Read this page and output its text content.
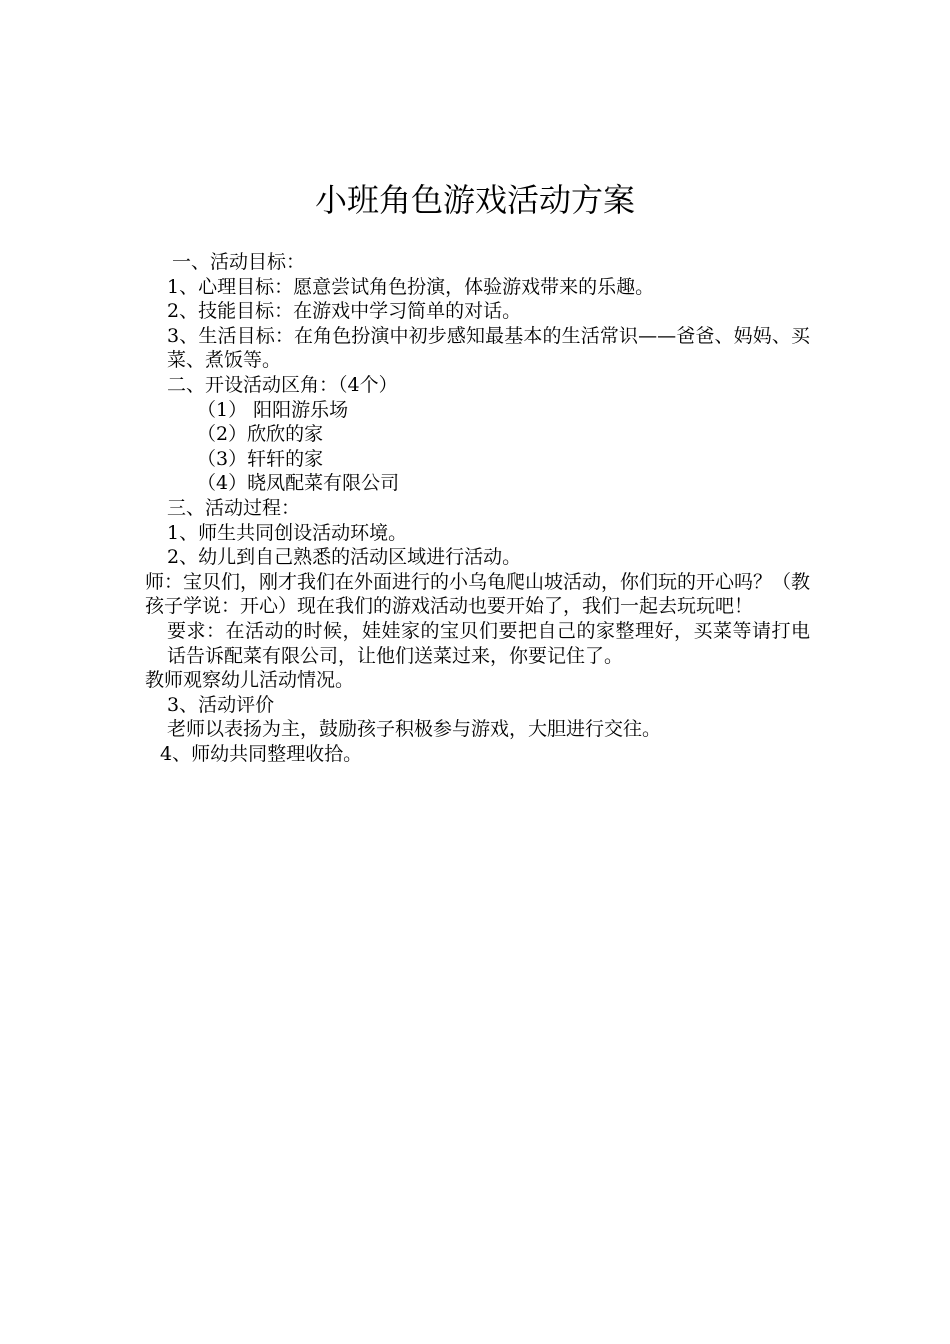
小班角色游戏活动方案

一、活动目标：

1、心理目标：愿意尝试角色扮演，体验游戏带来的乐趣。

2、技能目标：在游戏中学习简单的对话。

3、生活目标：在角色扮演中初步感知最基本的生活常识——爸爸、妈妈、买菜、煮饭等。

二、开设活动区角：（4个）

（1） 阳阳游乐场

（2）欣欣的家

（3）轩轩的家

（4）晓凤配菜有限公司

三、活动过程：

1、师生共同创设活动环境。

2、幼儿到自己熟悉的活动区域进行活动。

师：宝贝们，刚才我们在外面进行的小乌龟爬山坡活动，你们玩的开心吗？（教孩子学说：开心）现在我们的游戏活动也要开始了，我们一起去玩玩吧！

要求：在活动的时候，娃娃家的宝贝们要把自己的家整理好，买菜等请打电话告诉配菜有限公司，让他们送菜过来，你要记住了。

教师观察幼儿活动情况。

3、活动评价

老师以表扬为主，鼓励孩子积极参与游戏，大胆进行交往。

4、师幼共同整理收拾。
